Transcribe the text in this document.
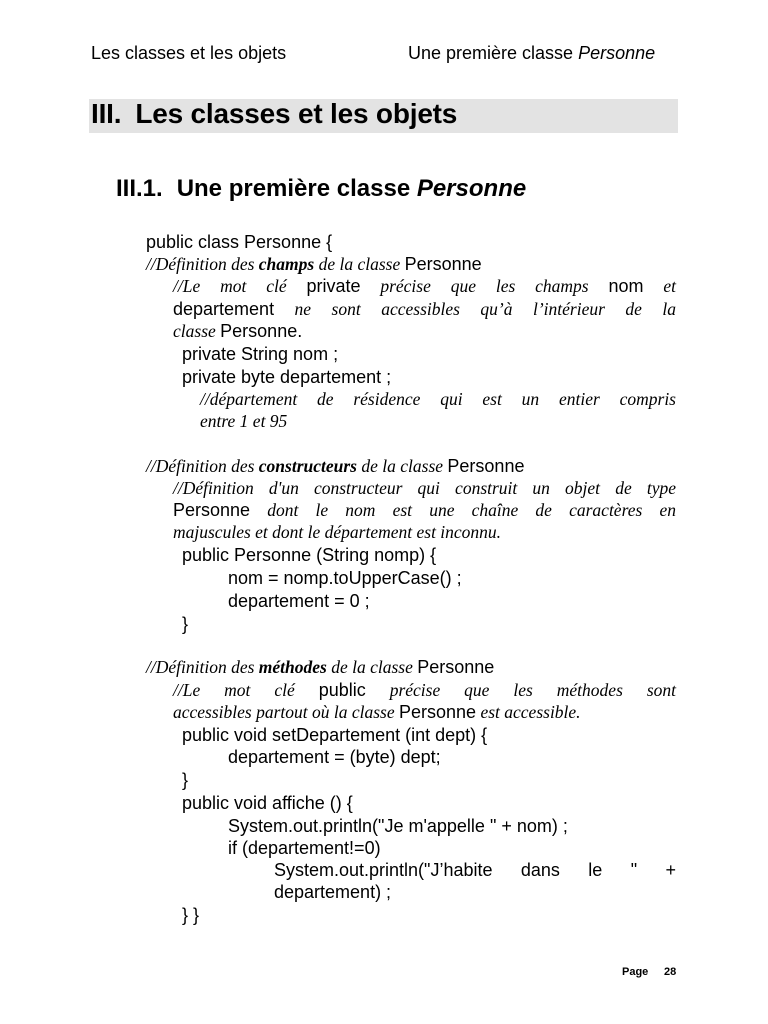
Les classes et les objets	Une première classe Personne
III. Les classes et les objets
III.1. Une première classe Personne
public class Personne {
//Définition des champs de la classe Personne
//Le mot clé private précise que les champs nom et
departement ne sont accessibles qu’à l’intérieur de la
classe Personne.
private String nom ;
private byte departement ;
//département de résidence qui est un entier compris
entre 1 et 95
//Définition des constructeurs de la classe Personne
//Définition d'un constructeur qui construit un objet de type
Personne dont le nom est une chaîne de caractères en
majuscules et dont le département est inconnu.
public Personne (String nomp) {
nom = nomp.toUpperCase() ;
departement = 0 ;
}
//Définition des méthodes de la classe Personne
//Le mot clé public précise que les méthodes sont
accessibles partout où la classe Personne est accessible.
public void setDepartement (int dept) {
departement = (byte) dept;
}
public void affiche () {
System.out.println("Je m'appelle " + nom) ;
if (departement!=0)
System.out.println("J’habite dans le " +
departement) ;
} }
Page 28
